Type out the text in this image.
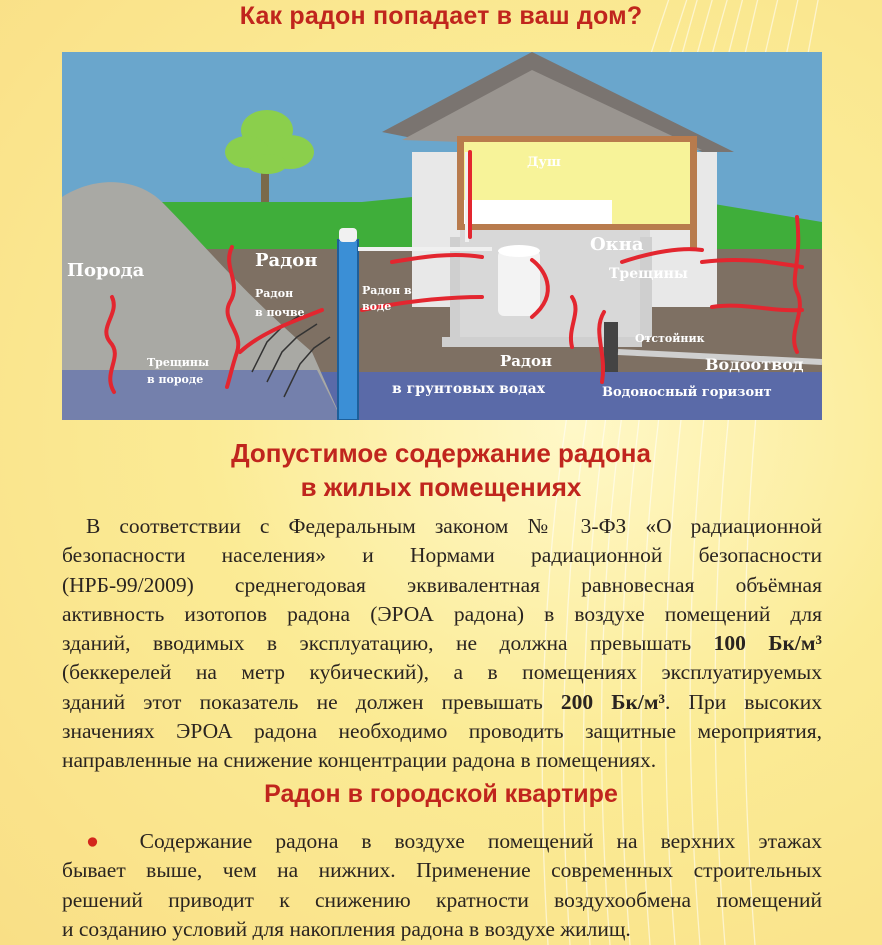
Как радон попадает в ваш дом?
Порода	Радон
Радон
в почве
Трещины
в породе
Радон в
воде
Душ
Окна
Трещины
Отстойник
Водоотвод
Радон
в грунтовых водах	Водоносный горизонт
Допустимое содержание радона
в жилых помещениях
В соответствии с Федеральным законом № 3-ФЗ «О радиационной
безопасности населения» и Нормами радиационной безопасности
(НРБ-99/2009) среднегодовая эквивалентная равновесная объёмная
активность изотопов радона (ЭРОА радона) в воздухе помещений для
зданий, вводимых в эксплуатацию, не должна превышать 100 Бк/м³
(беккерелей на метр кубический), а в помещениях эксплуатируемых
зданий этот показатель не должен превышать 200 Бк/м³. При высоких
значениях ЭРОА радона необходимо проводить защитные мероприятия,
направленные на снижение концентрации радона в помещениях.
Радон в городской квартире
● Содержание радона в воздухе помещений на верхних этажах
бывает выше, чем на нижних. Применение современных строительных
решений приводит к снижению кратности воздухообмена помещений
и созданию условий для накопления радона в воздухе жилищ.
